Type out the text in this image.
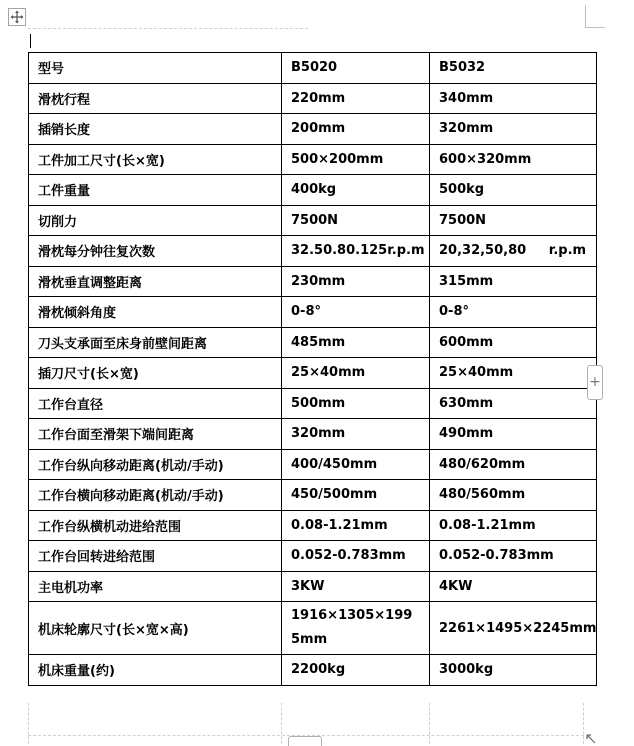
型号	B5020	B5032
滑枕行程	220mm	340mm
插销长度	200mm	320mm
工件加工尺寸(长×宽)	500×200mm	600×320mm
工件重量	400kg	500kg
切削力	7500N	7500N
滑枕每分钟往复次数	32.50.80.125r.p.m	20,32,50,80     r.p.m
滑枕垂直调整距离	230mm	315mm
滑枕倾斜角度	0-8°	0-8°
刀头支承面至床身前壁间距离	485mm	600mm
插刀尺寸(长×宽)	25×40mm	25×40mm
工作台直径	500mm	630mm
工作台面至滑架下端间距离	320mm	490mm
工作台纵向移动距离(机动/手动)	400/450mm	480/620mm
工作台横向移动距离(机动/手动)	450/500mm	480/560mm
工作台纵横机动进给范围	0.08-1.21mm	0.08-1.21mm
工作台回转进给范围	0.052-0.783mm	0.052-0.783mm
主电机功率	3KW	4KW
机床轮廓尺寸(长×宽×高)	1916×1305×1995mm	2261×1495×2245mm
机床重量(约)	2200kg	3000kg
+
